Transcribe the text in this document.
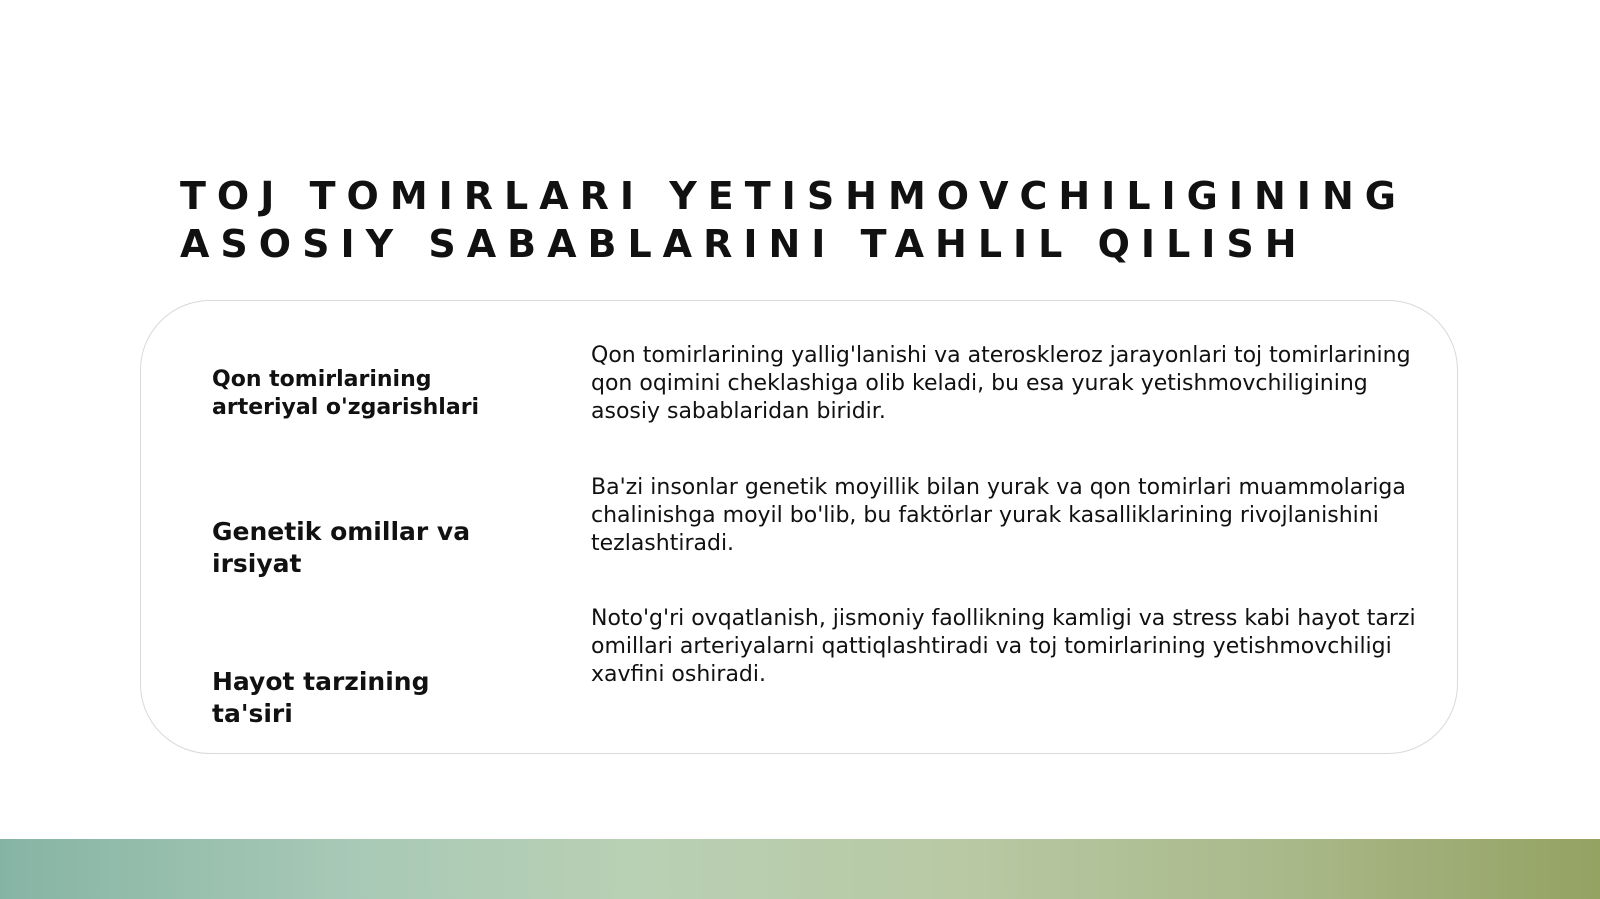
TOJ TOMIRLARI YETISHMOVCHILIGINING ASOSIY SABABLARINI TAHLIL QILISH

Qon tomirlarining arteriyal o'zgarishlari

Qon tomirlarining yallig'lanishi va ateroskleroz jarayonlari toj tomirlarining qon oqimini cheklashiga olib keladi, bu esa yurak yetishmovchiligining asosiy sabablaridan biridir.

Genetik omillar va irsiyat

Ba'zi insonlar genetik moyillik bilan yurak va qon tomirlari muammolariga chalinishga moyil bo'lib, bu faktörlar yurak kasalliklarining rivojlanishini tezlashtiradi.

Hayot tarzining ta'siri

Noto'g'ri ovqatlanish, jismoniy faollikning kamligi va stress kabi hayot tarzi omillari arteriyalarni qattiqlashtiradi va toj tomirlarining yetishmovchiligi xavfini oshiradi.
